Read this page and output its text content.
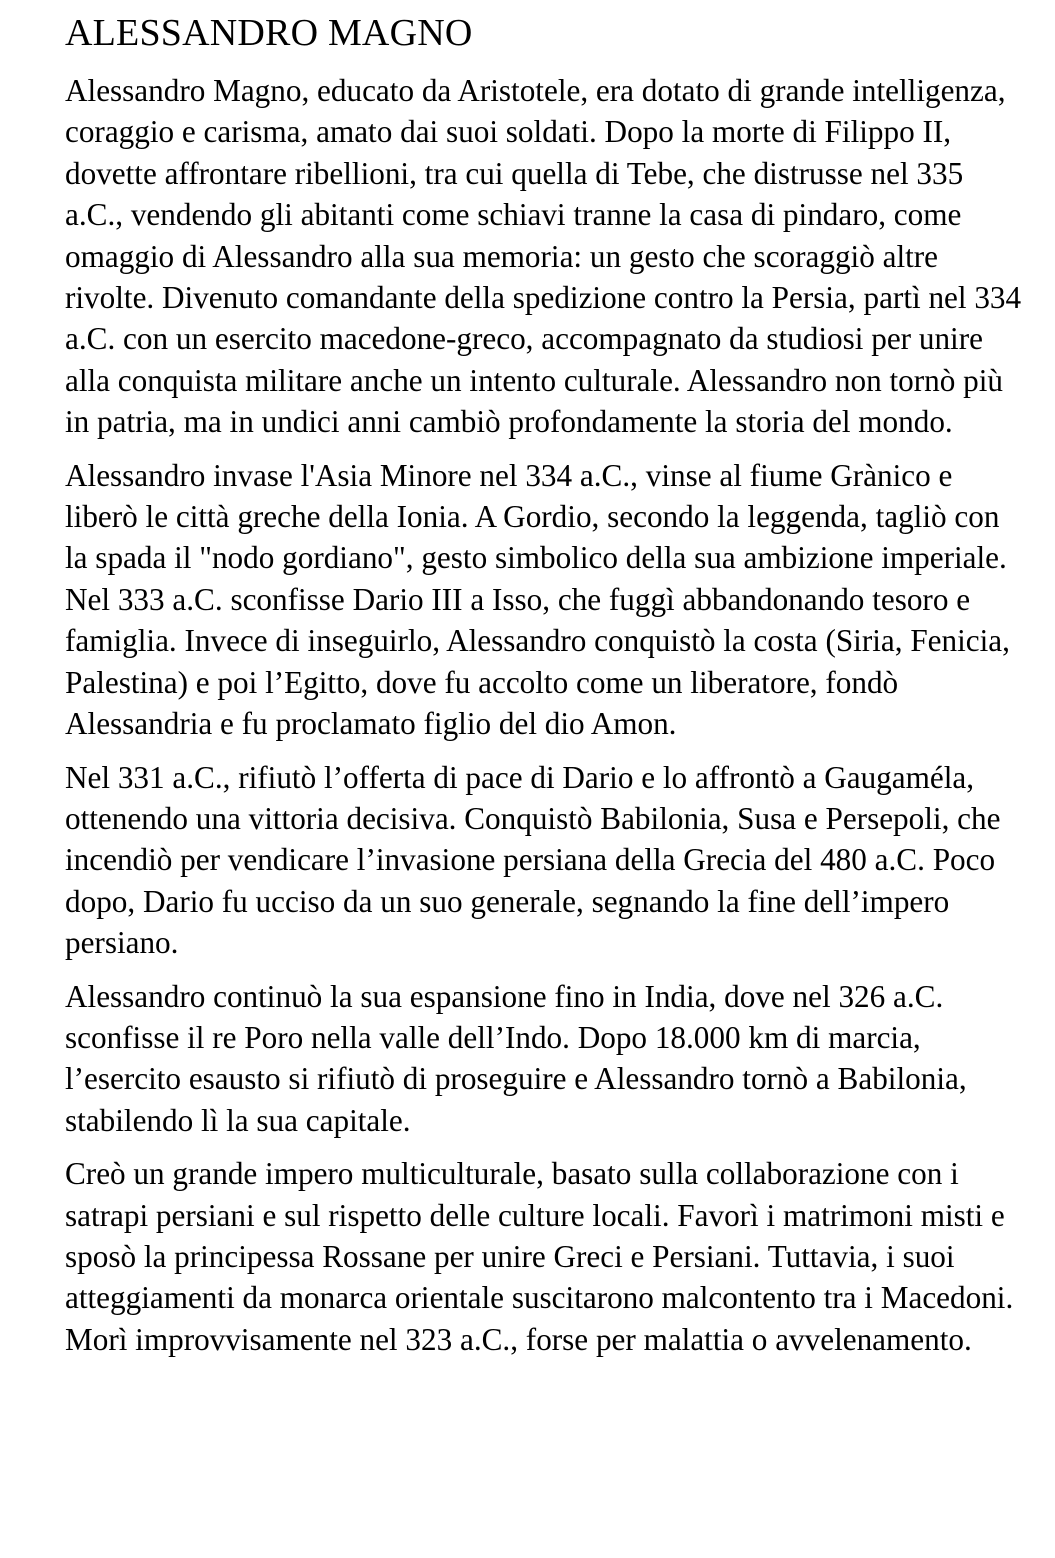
ALESSANDRO MAGNO

Alessandro Magno, educato da Aristotele, era dotato di grande intelligenza, coraggio e carisma, amato dai suoi soldati. Dopo la morte di Filippo II, dovette affrontare ribellioni, tra cui quella di Tebe, che distrusse nel 335 a.C., vendendo gli abitanti come schiavi tranne la casa di pindaro, come omaggio di Alessandro alla sua memoria: un gesto che scoraggiò altre rivolte. Divenuto comandante della spedizione contro la Persia, partì nel 334 a.C. con un esercito macedone-greco, accompagnato da studiosi per unire alla conquista militare anche un intento culturale. Alessandro non tornò più in patria, ma in undici anni cambiò profondamente la storia del mondo.

Alessandro invase l'Asia Minore nel 334 a.C., vinse al fiume Grànico e liberò le città greche della Ionia. A Gordio, secondo la leggenda, tagliò con la spada il "nodo gordiano", gesto simbolico della sua ambizione imperiale. Nel 333 a.C. sconfisse Dario III a Isso, che fuggì abbandonando tesoro e famiglia. Invece di inseguirlo, Alessandro conquistò la costa (Siria, Fenicia, Palestina) e poi l’Egitto, dove fu accolto come un liberatore, fondò Alessandria e fu proclamato figlio del dio Amon.

Nel 331 a.C., rifiutò l’offerta di pace di Dario e lo affrontò a Gaugaméla, ottenendo una vittoria decisiva. Conquistò Babilonia, Susa e Persepoli, che incendiò per vendicare l’invasione persiana della Grecia del 480 a.C. Poco dopo, Dario fu ucciso da un suo generale, segnando la fine dell’impero persiano.

Alessandro continuò la sua espansione fino in India, dove nel 326 a.C. sconfisse il re Poro nella valle dell’Indo. Dopo 18.000 km di marcia, l’esercito esausto si rifiutò di proseguire e Alessandro tornò a Babilonia, stabilendo lì la sua capitale.

Creò un grande impero multiculturale, basato sulla collaborazione con i satrapi persiani e sul rispetto delle culture locali. Favorì i matrimoni misti e sposò la principessa Rossane per unire Greci e Persiani. Tuttavia, i suoi atteggiamenti da monarca orientale suscitarono malcontento tra i Macedoni. Morì improvvisamente nel 323 a.C., forse per malattia o avvelenamento.
